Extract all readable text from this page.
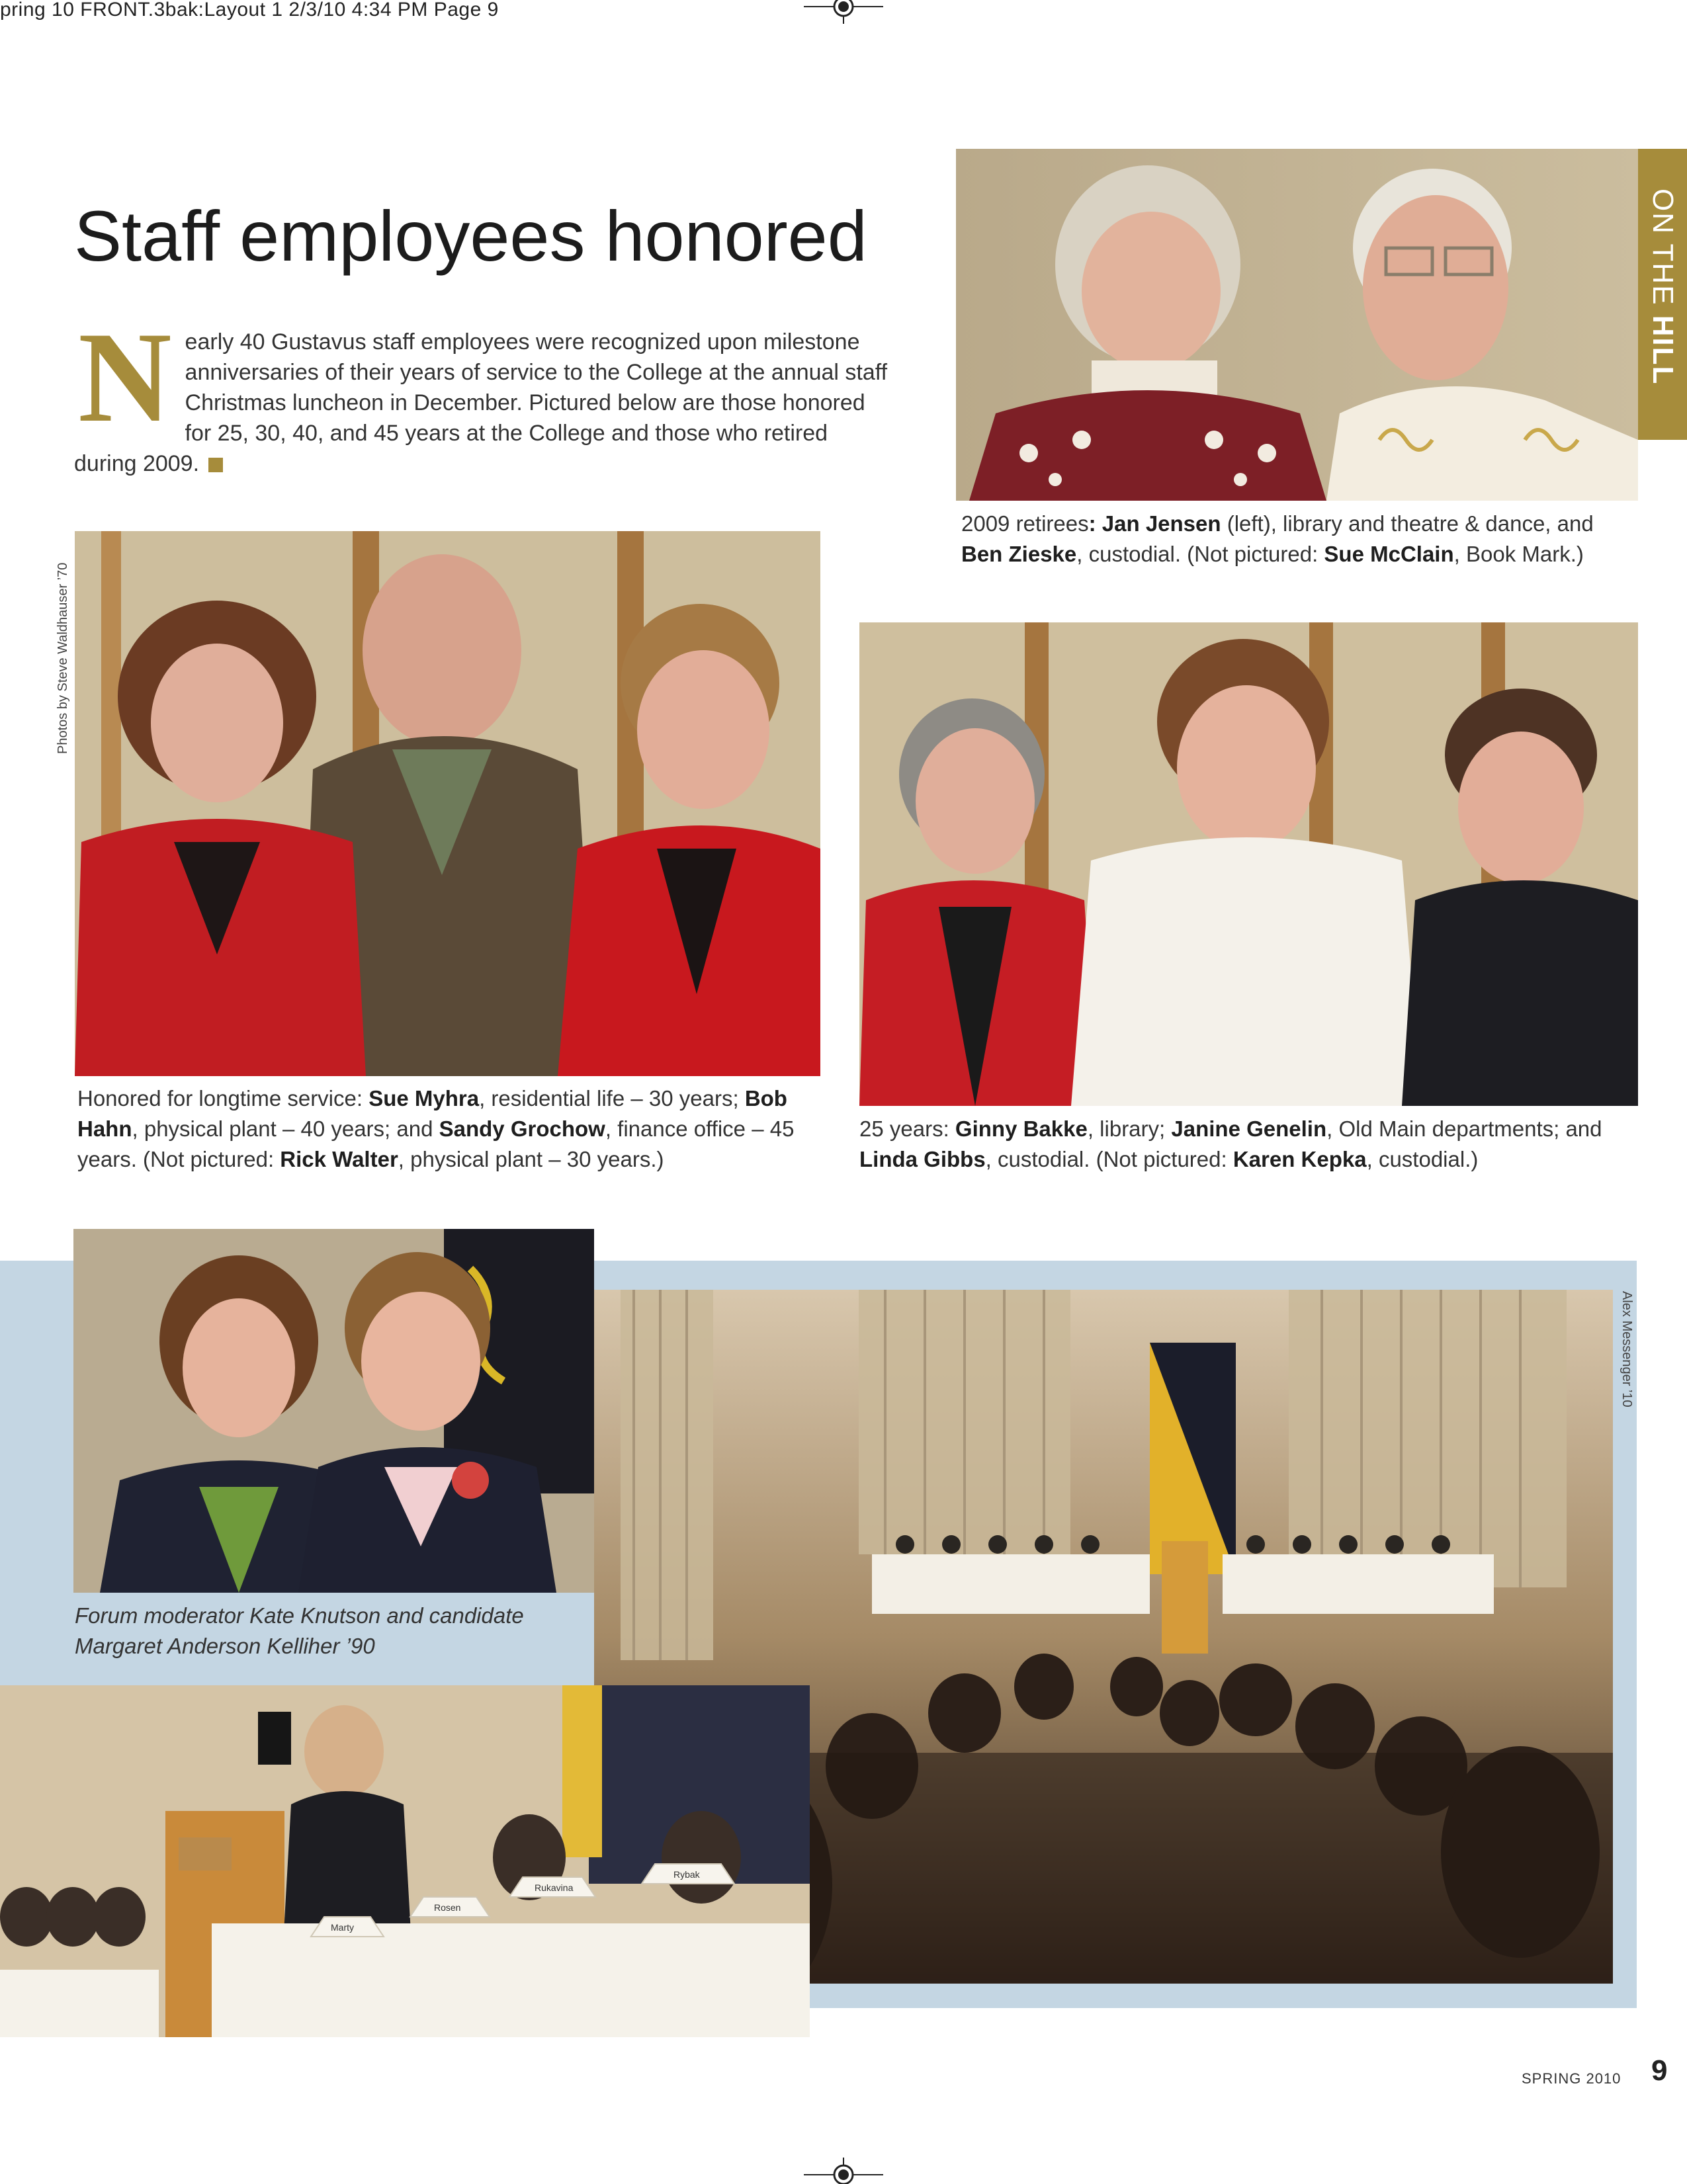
pring 10 FRONT.3bak:Layout 1 2/3/10 4:34 PM Page 9
ON THE HILL
Staff employees honored
Nearly 40 Gustavus staff employees were recognized upon milestone anniversaries of their years of service to the College at the annual staff Christmas luncheon in December. Pictured below are those honored for 25, 30, 40, and 45 years at the College and those who retired during 2009.
2009 retirees: Jan Jensen (left), library and theatre & dance, and Ben Zieske, custodial. (Not pictured: Sue McClain, Book Mark.)
Photos by Steve Waldhauser ’70
Honored for longtime service: Sue Myhra, residential life – 30 years; Bob Hahn, physical plant – 40 years; and Sandy Grochow, finance office – 45 years. (Not pictured: Rick Walter, physical plant – 30 years.)
25 years: Ginny Bakke, library; Janine Genelin, Old Main departments; and Linda Gibbs, custodial. (Not pictured: Karen Kepka, custodial.)
Alex Messenger ’10
Forum moderator Kate Knutson and candidate Margaret Anderson Kelliher ’90
Marty
Rosen
Rukavina
Rybak
SPRING 2010 9
